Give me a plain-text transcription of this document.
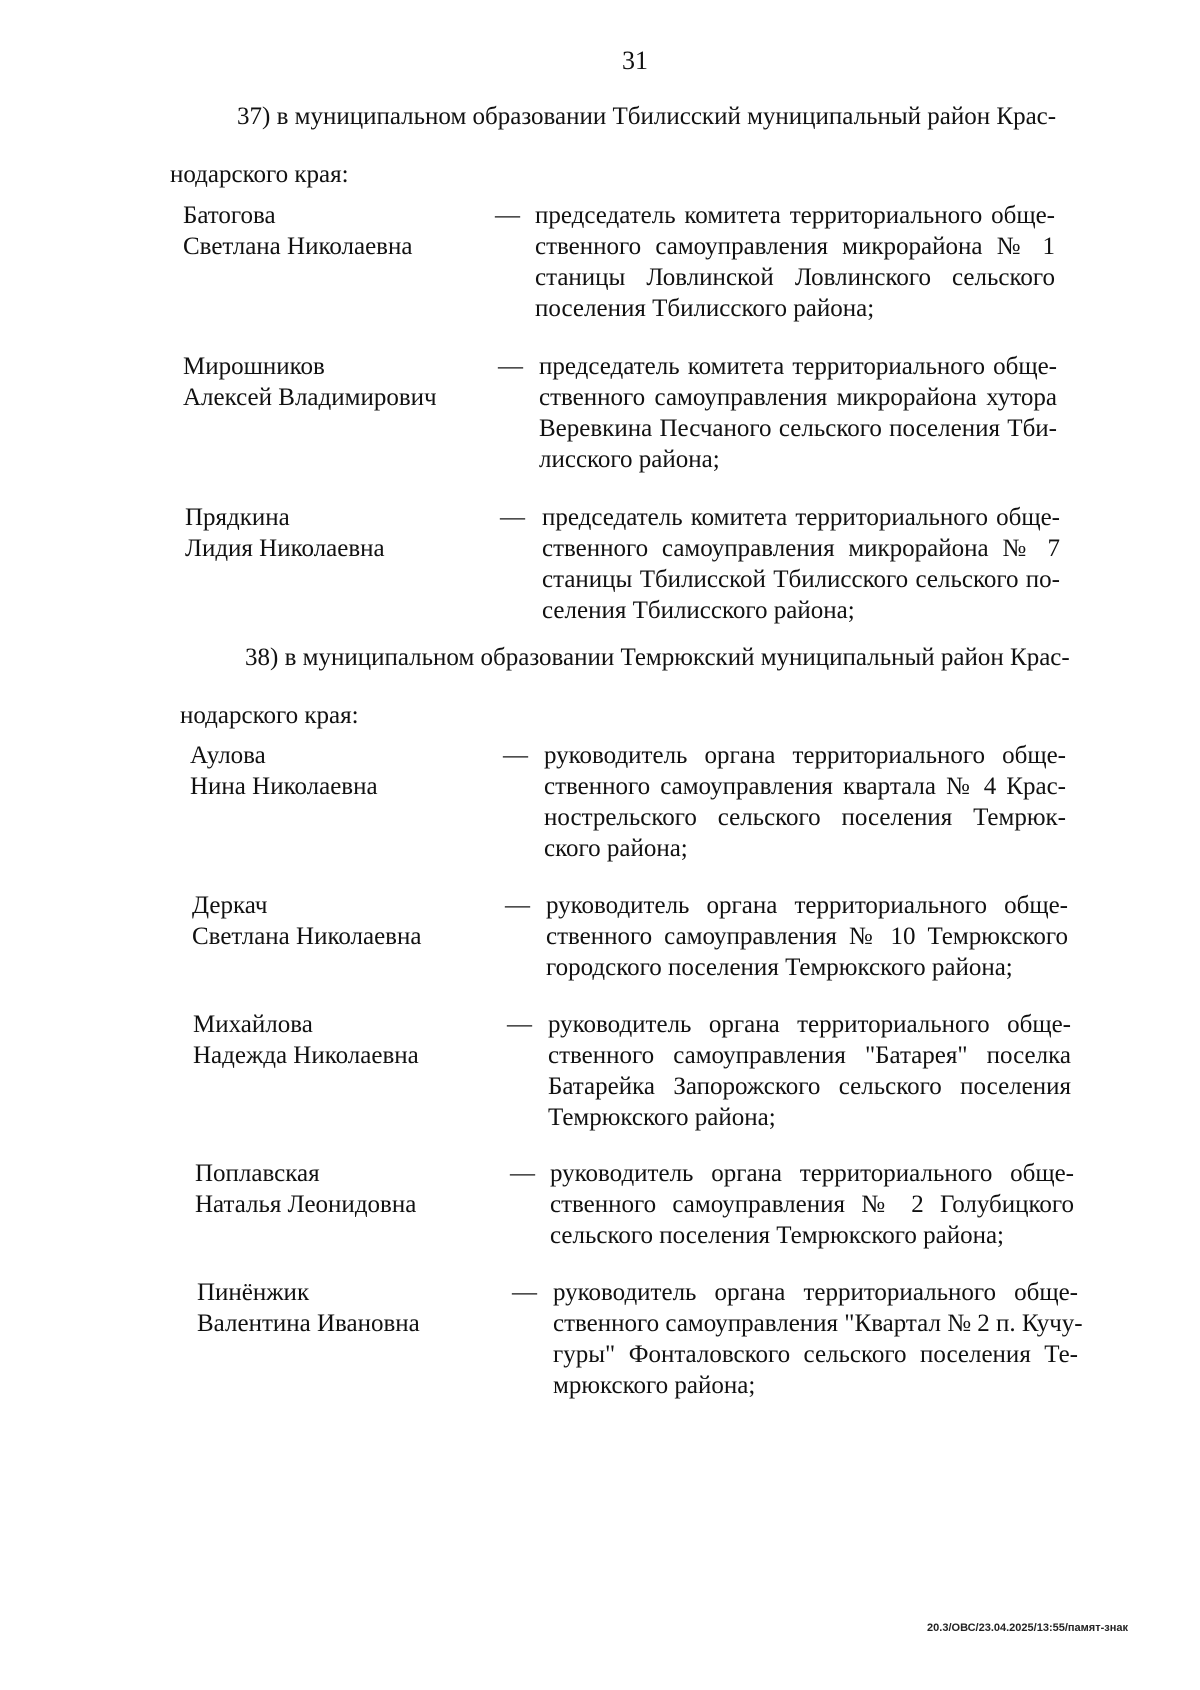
31
37) в муниципальном образовании Тбилисский муниципальный район Крас-
нодарского края:
Батогова
Светлана Николаевна
— председатель комитета территориального обще-
ственного самоуправления микрорайона № 1
станицы Ловлинской Ловлинского сельского
поселения Тбилисского района;
Мирошников
Алексей Владимирович
— председатель комитета территориального обще-
ственного самоуправления микрорайона хутора
Веревкина Песчаного сельского поселения Тби-
лисского района;
Прядкина
Лидия Николаевна
— председатель комитета территориального обще-
ственного самоуправления микрорайона № 7
станицы Тбилисской Тбилисского сельского по-
селения Тбилисского района;
38) в муниципальном образовании Темрюкский муниципальный район Крас-
нодарского края:
Аулова
Нина Николаевна
— руководитель органа территориального обще-
ственного самоуправления квартала № 4 Крас-
нострельского сельского поселения Темрюк-
ского района;
Деркач
Светлана Николаевна
— руководитель органа территориального обще-
ственного самоуправления № 10 Темрюкского
городского поселения Темрюкского района;
Михайлова
Надежда Николаевна
— руководитель органа территориального обще-
ственного самоуправления "Батарея" поселка
Батарейка Запорожского сельского поселения
Темрюкского района;
Поплавская
Наталья Леонидовна
— руководитель органа территориального обще-
ственного самоуправления № 2 Голубицкого
сельского поселения Темрюкского района;
Пинёнжик
Валентина Ивановна
— руководитель органа территориального обще-
ственного самоуправления "Квартал № 2 п. Кучу-
гуры" Фонталовского сельского поселения Те-
мрюкского района;
20.3/ОВС/23.04.2025/13:55/памят-знак
